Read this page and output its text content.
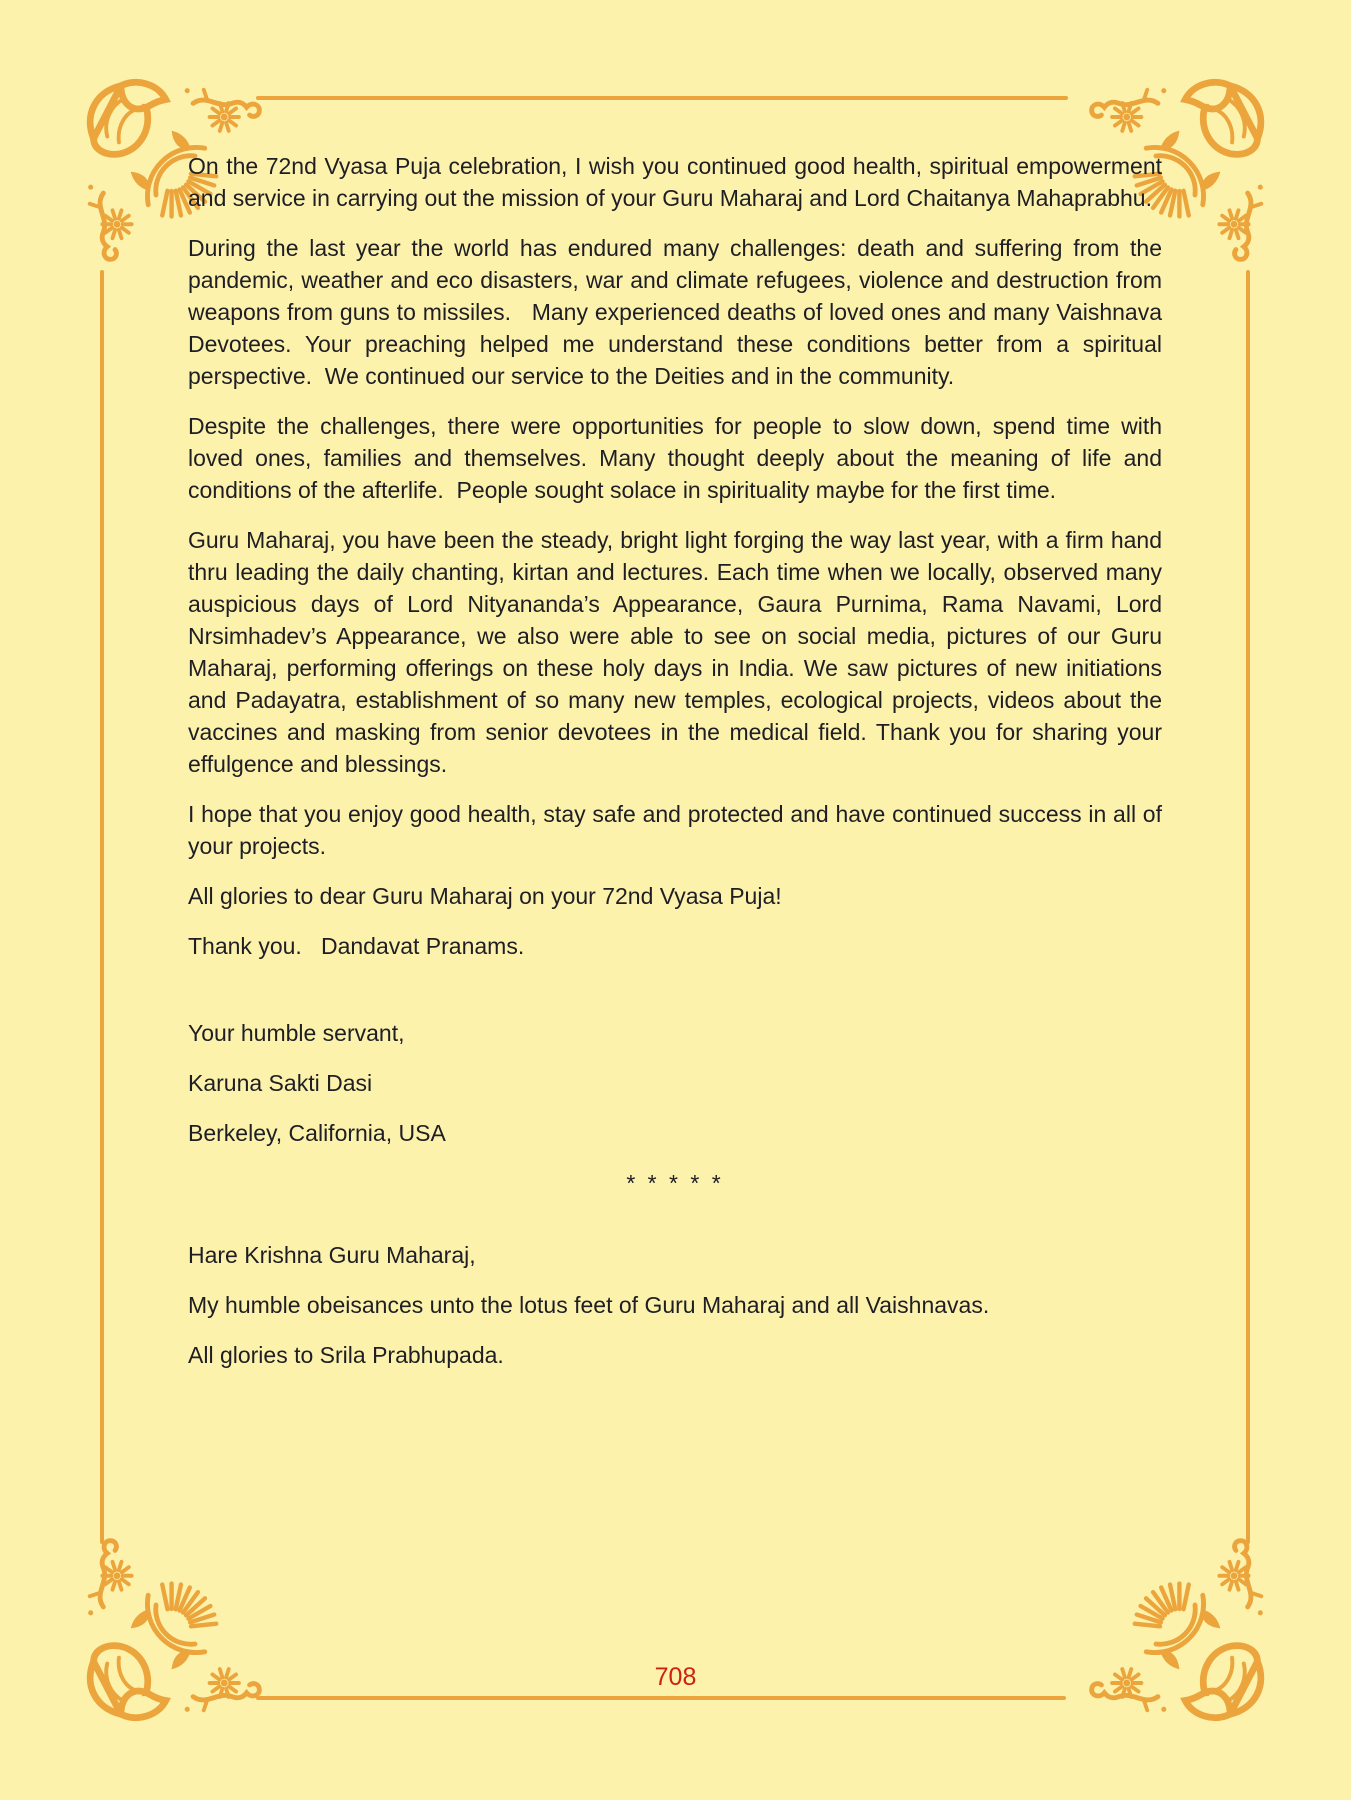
On the 72nd Vyasa Puja celebration, I wish you continued good health, spiritual empowerment and service in carrying out the mission of your Guru Maharaj and Lord Chaitanya Mahaprabhu.

During the last year the world has endured many challenges: death and suffering from the pandemic, weather and eco disasters, war and climate refugees, violence and destruction from weapons from guns to missiles.   Many experienced deaths of loved ones and many Vaishnava Devotees. Your preaching helped me understand these conditions better from a spiritual perspective.  We continued our service to the Deities and in the community.

Despite the challenges, there were opportunities for people to slow down, spend time with loved ones, families and themselves. Many thought deeply about the meaning of life and conditions of the afterlife.  People sought solace in spirituality maybe for the first time.

Guru Maharaj, you have been the steady, bright light forging the way last year, with a firm hand thru leading the daily chanting, kirtan and lectures. Each time when we locally, observed many auspicious days of Lord Nityananda’s Appearance, Gaura Purnima, Rama Navami, Lord Nrsimhadev’s Appearance, we also were able to see on social media, pictures of our Guru Maharaj, performing offerings on these holy days in India. We saw pictures of new initiations and Padayatra, establishment of so many new temples, ecological projects, videos about the vaccines and masking from senior devotees in the medical field. Thank you for sharing your effulgence and blessings.

I hope that you enjoy good health, stay safe and protected and have continued success in all of your projects.

All glories to dear Guru Maharaj on your 72nd Vyasa Puja!

Thank you.   Dandavat Pranams.

Your humble servant,

Karuna Sakti Dasi

Berkeley, California, USA

* * * * *

Hare Krishna Guru Maharaj,

My humble obeisances unto the lotus feet of Guru Maharaj and all Vaishnavas.

All glories to Srila Prabhupada.

708
